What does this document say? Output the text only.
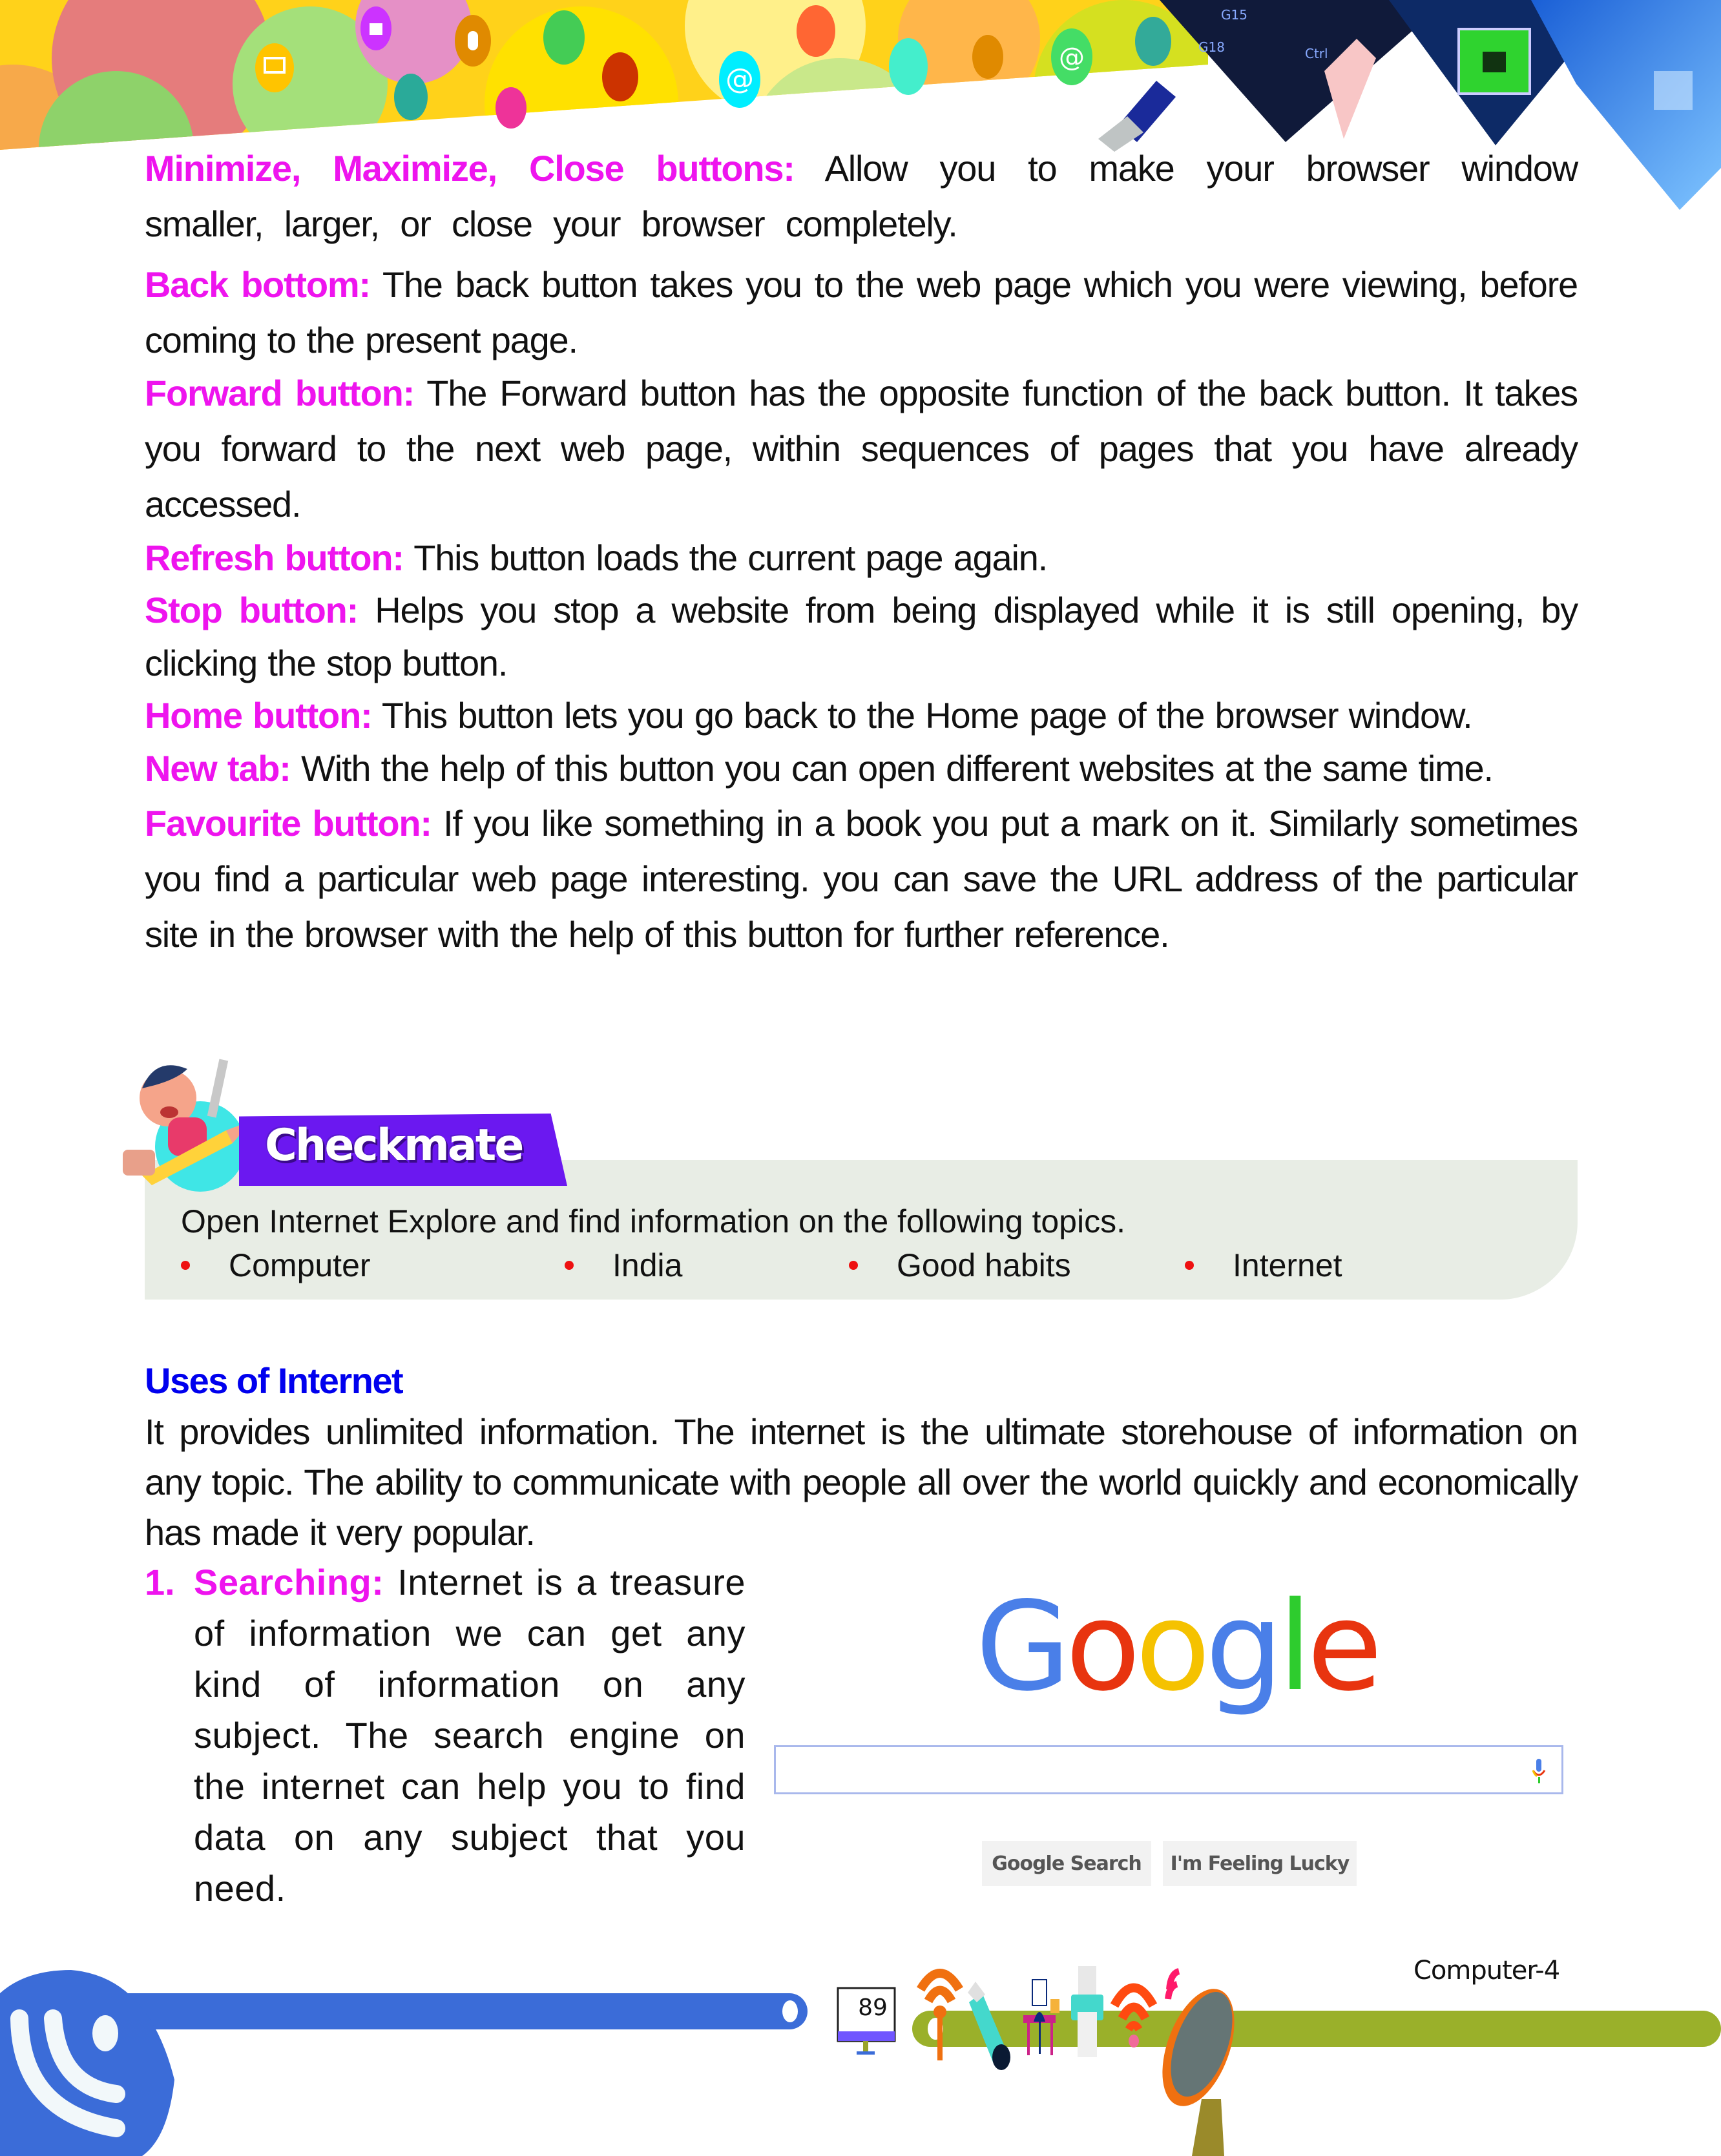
@
@
G15
G18	Ctrl

Minimize, Maximize, Close buttons: Allow you to make your browser window smaller, larger, or close your browser completely.

Back bottom: The back button takes you to the web page which you were viewing, before coming to the present page.

Forward button: The Forward button has the opposite function of the back button. It takes you forward to the next web page, within sequences of pages that you have already accessed.

Refresh button: This button loads the current page again.

Stop button: Helps you stop a website from being displayed while it is still opening, by clicking the stop button.

Home button: This button lets you go back to the Home page of the browser window.

New tab: With the help of this button you can open different websites at the same time.

Favourite button: If you like something in a book you put a mark on it. Similarly sometimes you find a particular web page interesting. you can save the URL address of the particular site in the browser with the help of this button for further reference.

Checkmate
Open Internet Explore and find information on the following topics.
Computer	India	Good habits	Internet
Uses of Internet

It provides unlimited information. The internet is the ultimate storehouse of information on any topic. The ability to communicate with people all over the world quickly and economically has made it very popular.

1. Searching: Internet is a treasure of information we can get any kind of information on any subject. The search engine on the internet can help you to find data on any subject that you need.

Google
Google Search	I'm Feeling Lucky
89
Computer-4
